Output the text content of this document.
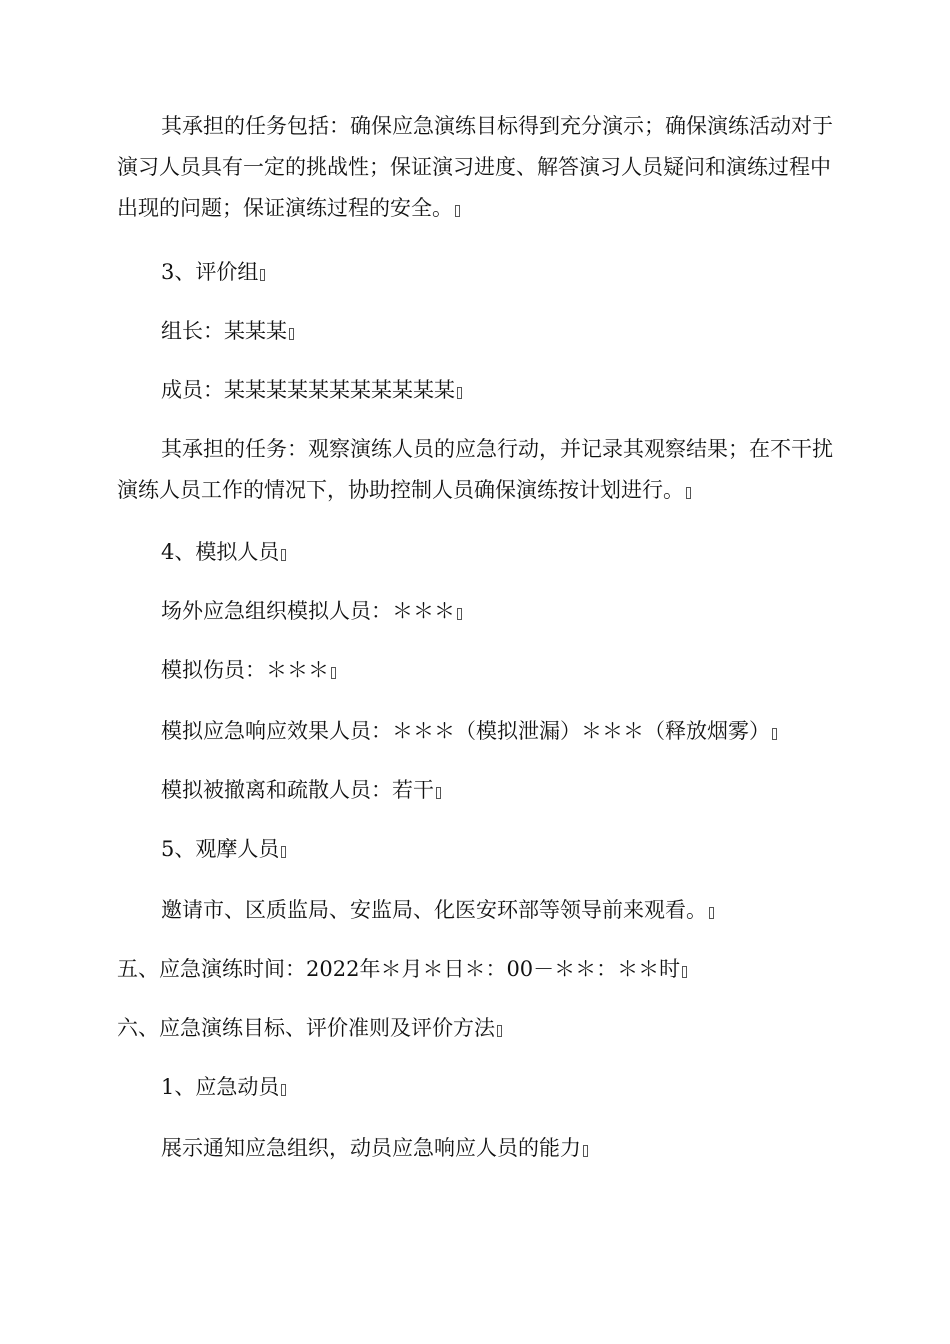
其承担的任务包括：确保应急演练目标得到充分演示；确保演练活动对于演习人员具有一定的挑战性；保证演习进度、解答演习人员疑问和演练过程中出现的问题；保证演练过程的安全。

3、评价组

组长：某某某

成员：某某某某某某某某某某某

其承担的任务：观察演练人员的应急行动，并记录其观察结果；在不干扰演练人员工作的情况下，协助控制人员确保演练按计划进行。

4、模拟人员

场外应急组织模拟人员：＊＊＊

模拟伤员：＊＊＊

模拟应急响应效果人员：＊＊＊（模拟泄漏）＊＊＊（释放烟雾）

模拟被撤离和疏散人员：若干

5、观摩人员

邀请市、区质监局、安监局、化医安环部等领导前来观看。

五、应急演练时间：2022年＊月＊日＊：00－＊＊：＊＊时

六、应急演练目标、评价准则及评价方法

1、应急动员

展示通知应急组织，动员应急响应人员的能力
